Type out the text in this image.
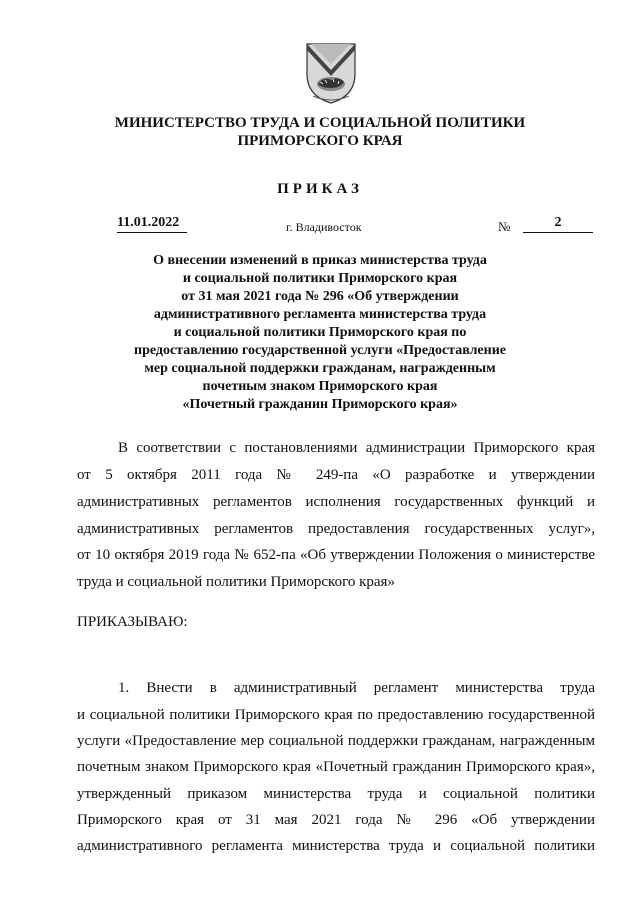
МИНИСТЕРСТВО ТРУДА И СОЦИАЛЬНОЙ ПОЛИТИКИ
ПРИМОРСКОГО КРАЯ
ПРИКАЗ
11.01.2022	г. Владивосток	№	2
О внесении изменений в приказ министерства труда
и социальной политики Приморского края
от 31 мая 2021 года № 296 «Об утверждении
административного регламента министерства труда
и социальной политики Приморского края по
предоставлению государственной услуги «Предоставление
мер социальной поддержки гражданам, награжденным
почетным знаком Приморского края
«Почетный гражданин Приморского края»
В соответствии с постановлениями администрации Приморского края
от 5 октября 2011 года № 249-па «О разработке и утверждении
административных регламентов исполнения государственных функций и
административных регламентов предоставления государственных услуг»,
от 10 октября 2019 года № 652-па «Об утверждении Положения о министерстве
труда и социальной политики Приморского края»
ПРИКАЗЫВАЮ:
1. Внести в административный регламент министерства труда
и социальной политики Приморского края по предоставлению государственной
услуги «Предоставление мер социальной поддержки гражданам, награжденным
почетным знаком Приморского края «Почетный гражданин Приморского края»,
утвержденный приказом министерства труда и социальной политики
Приморского края от 31 мая 2021 года № 296 «Об утверждении
административного регламента министерства труда и социальной политики
